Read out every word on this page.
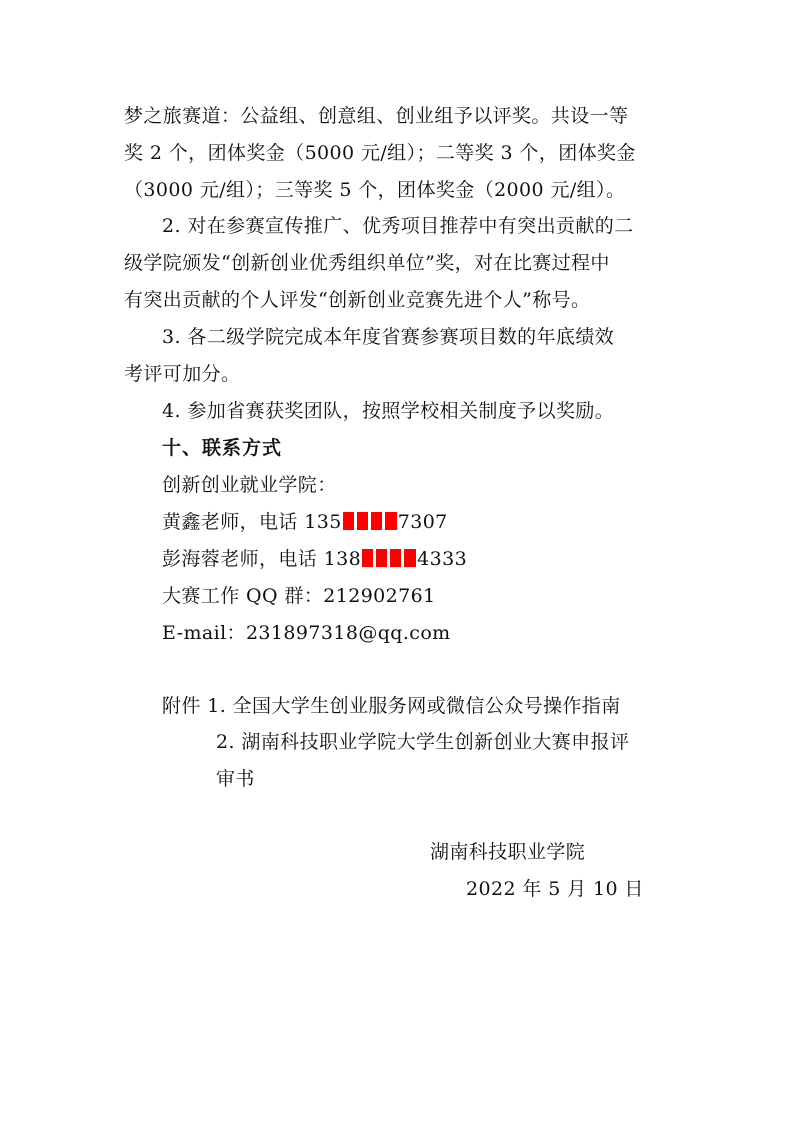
梦之旅赛道：公益组、创意组、创业组予以评奖。共设一等
奖 2 个，团体奖金（5000 元/组）；二等奖 3 个，团体奖金
（3000 元/组）；三等奖 5 个，团体奖金（2000 元/组）。
2. 对在参赛宣传推广、优秀项目推荐中有突出贡献的二
级学院颁发“创新创业优秀组织单位”奖，对在比赛过程中
有突出贡献的个人评发“创新创业竞赛先进个人”称号。
3. 各二级学院完成本年度省赛参赛项目数的年底绩效
考评可加分。
4. 参加省赛获奖团队，按照学校相关制度予以奖励。
十、联系方式
创新创业就业学院：
黄鑫老师，电话 135	7307
彭海蓉老师，电话 138	4333
大赛工作 QQ 群：212902761
E-mail：231897318@qq.com
附件 1. 全国大学生创业服务网或微信公众号操作指南
2. 湖南科技职业学院大学生创新创业大赛申报评
审书
湖南科技职业学院
2022 年 5 月 10 日
